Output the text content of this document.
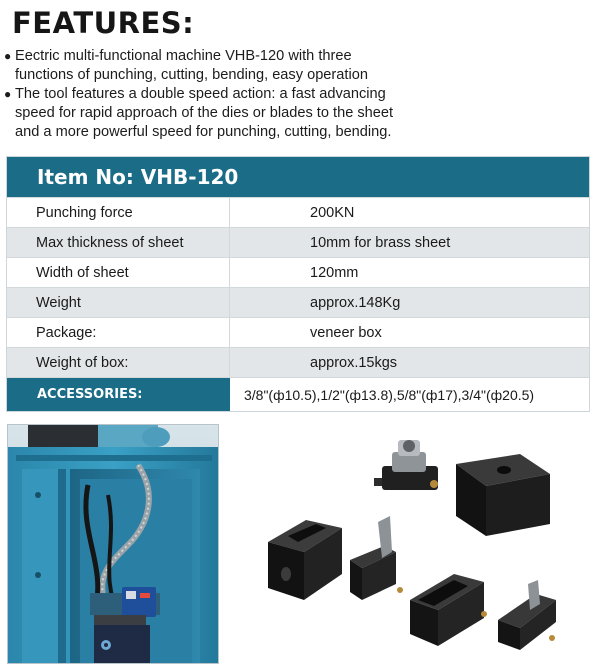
FEATURES:
● Eectric multi-functional machine VHB-120 with three
functions of punching, cutting, bending, easy operation
● The tool features a double speed action: a fast advancing
speed for rapid approach of the dies or blades to the sheet
and a more powerful speed for punching, cutting, bending.
Item No: VHB-120
Punching force	200KN
Max thickness of sheet	10mm for brass sheet
Width of sheet	120mm
Weight	approx.148Kg
Package:	veneer box
Weight of box:	approx.15kgs
ACCESSORIES:	3/8"(ф10.5),1/2"(ф13.8),5/8"(ф17),3/4"(ф20.5)
